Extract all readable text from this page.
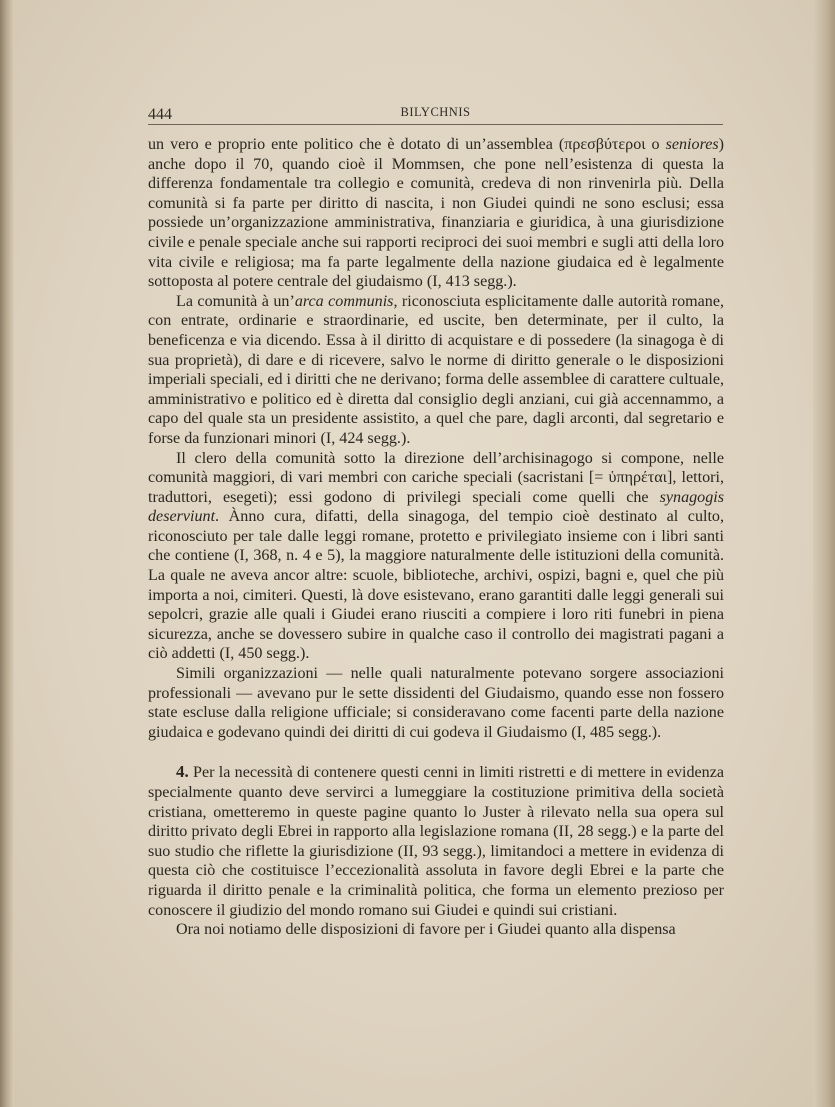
444	BILYCHNIS

un vero e proprio ente politico che è dotato di un’assemblea (πρεσβύτεροι o seniores) anche dopo il 70, quando cioè il Mommsen, che pone nell’esistenza di questa la differenza fondamentale tra collegio e comunità, credeva di non rinvenirla più. Della comunità si fa parte per diritto di nascita, i non Giudei quindi ne sono esclusi; essa possiede un’organizzazione amministrativa, finanziaria e giuridica, à una giurisdizione civile e penale speciale anche sui rapporti reciproci dei suoi membri e sugli atti della loro vita civile e religiosa; ma fa parte legalmente della nazione giudaica ed è legalmente sottoposta al potere centrale del giudaismo (I, 413 segg.).

La comunità à un’arca communis, riconosciuta esplicitamente dalle autorità romane, con entrate, ordinarie e straordinarie, ed uscite, ben determinate, per il culto, la beneficenza e via dicendo. Essa à il diritto di acquistare e di possedere (la sinagoga è di sua proprietà), di dare e di ricevere, salvo le norme di diritto generale o le disposizioni imperiali speciali, ed i diritti che ne derivano; forma delle assemblee di carattere cultuale, amministrativo e politico ed è diretta dal consiglio degli anziani, cui già accennammo, a capo del quale sta un presidente assistito, a quel che pare, dagli arconti, dal segretario e forse da funzionari minori (I, 424 segg.).

Il clero della comunità sotto la direzione dell’archisinagogo si compone, nelle comunità maggiori, di vari membri con cariche speciali (sacristani [= ὑπηρέται], lettori, traduttori, esegeti); essi godono di privilegi speciali come quelli che synagogis deserviunt. Ànno cura, difatti, della sinagoga, del tempio cioè destinato al culto, riconosciuto per tale dalle leggi romane, protetto e privilegiato insieme con i libri santi che contiene (I, 368, n. 4 e 5), la maggiore naturalmente delle istituzioni della comunità. La quale ne aveva ancor altre: scuole, biblioteche, archivi, ospizi, bagni e, quel che più importa a noi, cimiteri. Questi, là dove esistevano, erano garantiti dalle leggi generali sui sepolcri, grazie alle quali i Giudei erano riusciti a compiere i loro riti funebri in piena sicurezza, anche se dovessero subire in qualche caso il controllo dei magistrati pagani a ciò addetti (I, 450 segg.).

Simili organizzazioni — nelle quali naturalmente potevano sorgere associazioni professionali — avevano pur le sette dissidenti del Giudaismo, quando esse non fossero state escluse dalla religione ufficiale; si consideravano come facenti parte della nazione giudaica e godevano quindi dei diritti di cui godeva il Giudaismo (I, 485 segg.).

4. Per la necessità di contenere questi cenni in limiti ristretti e di mettere in evidenza specialmente quanto deve servirci a lumeggiare la costituzione primitiva della società cristiana, ometteremo in queste pagine quanto lo Juster à rilevato nella sua opera sul diritto privato degli Ebrei in rapporto alla legislazione romana (II, 28 segg.) e la parte del suo studio che riflette la giurisdizione (II, 93 segg.), limitandoci a mettere in evidenza di questa ciò che costituisce l’eccezionalità assoluta in favore degli Ebrei e la parte che riguarda il diritto penale e la criminalità politica, che forma un elemento prezioso per conoscere il giudizio del mondo romano sui Giudei e quindi sui cristiani.

Ora noi notiamo delle disposizioni di favore per i Giudei quanto alla dispensa
